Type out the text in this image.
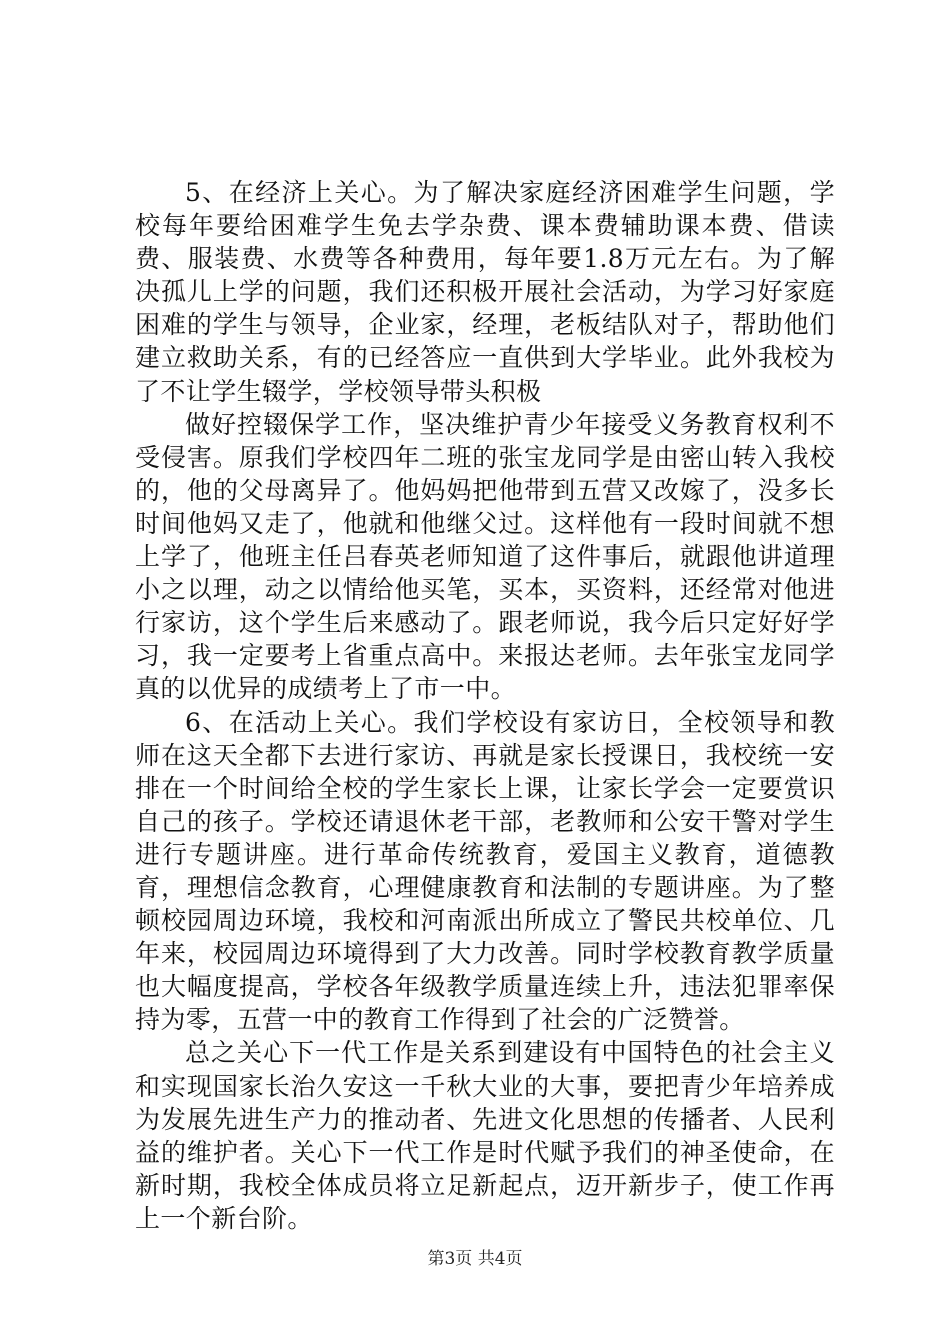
5、在经济上关心。为了解决家庭经济困难学生问题，学校每年要给困难学生免去学杂费、课本费辅助课本费、借读费、服装费、水费等各种费用，每年要1.8万元左右。为了解决孤儿上学的问题，我们还积极开展社会活动，为学习好家庭困难的学生与领导，企业家，经理，老板结队对子，帮助他们建立救助关系，有的已经答应一直供到大学毕业。此外我校为了不让学生辍学，学校领导带头积极

做好控辍保学工作，坚决维护青少年接受义务教育权利不受侵害。原我们学校四年二班的张宝龙同学是由密山转入我校的，他的父母离异了。他妈妈把他带到五营又改嫁了，没多长时间他妈又走了，他就和他继父过。这样他有一段时间就不想上学了，他班主任吕春英老师知道了这件事后，就跟他讲道理小之以理，动之以情给他买笔，买本，买资料，还经常对他进行家访，这个学生后来感动了。跟老师说，我今后只定好好学习，我一定要考上省重点高中。来报达老师。去年张宝龙同学真的以优异的成绩考上了市一中。

6、在活动上关心。我们学校设有家访日，全校领导和教师在这天全都下去进行家访、再就是家长授课日，我校统一安排在一个时间给全校的学生家长上课，让家长学会一定要赏识自己的孩子。学校还请退休老干部，老教师和公安干警对学生进行专题讲座。进行革命传统教育，爱国主义教育，道德教育，理想信念教育，心理健康教育和法制的专题讲座。为了整顿校园周边环境，我校和河南派出所成立了警民共校单位、几年来，校园周边环境得到了大力改善。同时学校教育教学质量也大幅度提高，学校各年级教学质量连续上升，违法犯罪率保持为零，五营一中的教育工作得到了社会的广泛赞誉。

总之关心下一代工作是关系到建设有中国特色的社会主义和实现国家长治久安这一千秋大业的大事，要把青少年培养成为发展先进生产力的推动者、先进文化思想的传播者、人民利益的维护者。关心下一代工作是时代赋予我们的神圣使命，在新时期，我校全体成员将立足新起点，迈开新步子，使工作再上一个新台阶。

第3页 共4页
